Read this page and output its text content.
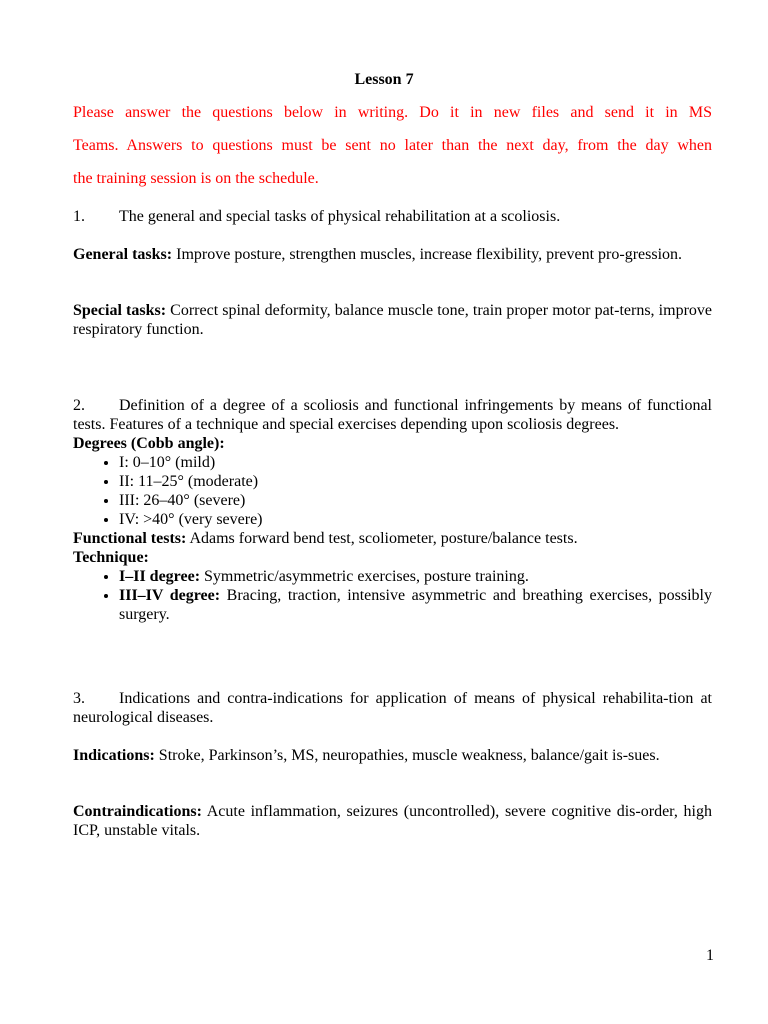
Lesson 7

Please answer the questions below in writing. Do it in new files and send it in MS

Teams. Answers to questions must be sent no later than the next day, from the day when

the training session is on the schedule.

1. The general and special tasks of physical rehabilitation at a scoliosis.
General tasks: Improve posture, strengthen muscles, increase flexibility, prevent pro-gression.
Special tasks: Correct spinal deformity, balance muscle tone, train proper motor pat-terns, improve respiratory function.
2. Definition of a degree of a scoliosis and functional infringements by means of functional tests. Features of a technique and special exercises depending upon scoliosis degrees.
Degrees (Cobb angle):
• I: 0–10° (mild)
• II: 11–25° (moderate)
• III: 26–40° (severe)
• IV: >40° (very severe)
Functional tests: Adams forward bend test, scoliometer, posture/balance tests.
Technique:
• I–II degree: Symmetric/asymmetric exercises, posture training.
• III–IV degree: Bracing, traction, intensive asymmetric and breathing exercises, possibly surgery.
3. Indications and contra-indications for application of means of physical rehabilita-tion at neurological diseases.
Indications: Stroke, Parkinson’s, MS, neuropathies, muscle weakness, balance/gait is-sues.
Contraindications: Acute inflammation, seizures (uncontrolled), severe cognitive dis-order, high ICP, unstable vitals.
1
